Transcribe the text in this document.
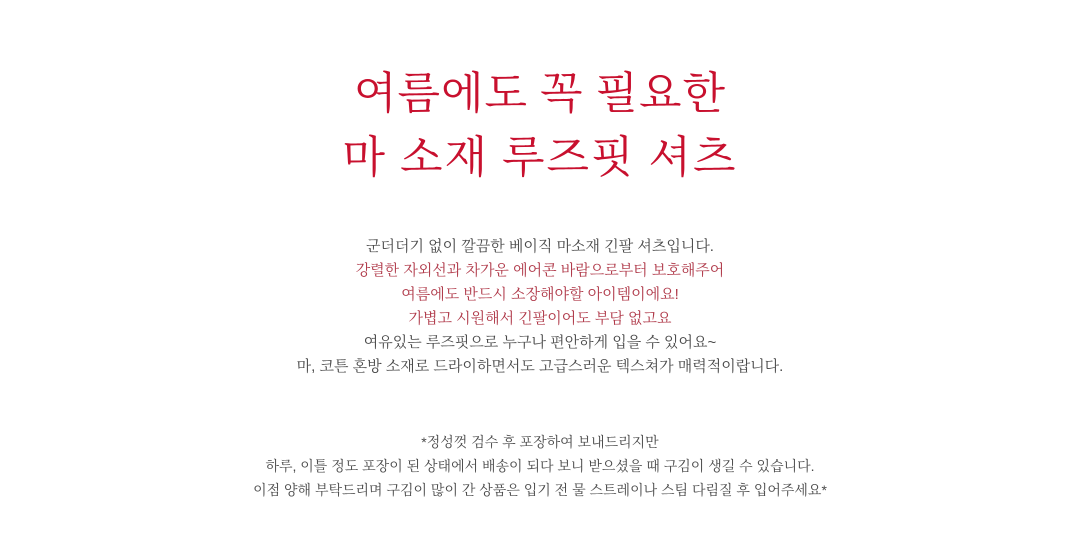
여름에도 꼭 필요한
마 소재 루즈핏 셔츠
군더더기 없이 깔끔한 베이직 마소재 긴팔 셔츠입니다.
강렬한 자외선과 차가운 에어콘 바람으로부터 보호해주어
여름에도 반드시 소장해야할 아이템이에요!
가볍고 시원해서 긴팔이어도 부담 없고요
여유있는 루즈핏으로 누구나 편안하게 입을 수 있어요~
마, 코튼 혼방 소재로 드라이하면서도 고급스러운 텍스쳐가 매력적이랍니다.
*정성껏 검수 후 포장하여 보내드리지만
하루, 이틀 정도 포장이 된 상태에서 배송이 되다 보니 받으셨을 때 구김이 생길 수 있습니다.
이점 양해 부탁드리며 구김이 많이 간 상품은 입기 전 물 스트레이나 스팀 다림질 후 입어주세요*
